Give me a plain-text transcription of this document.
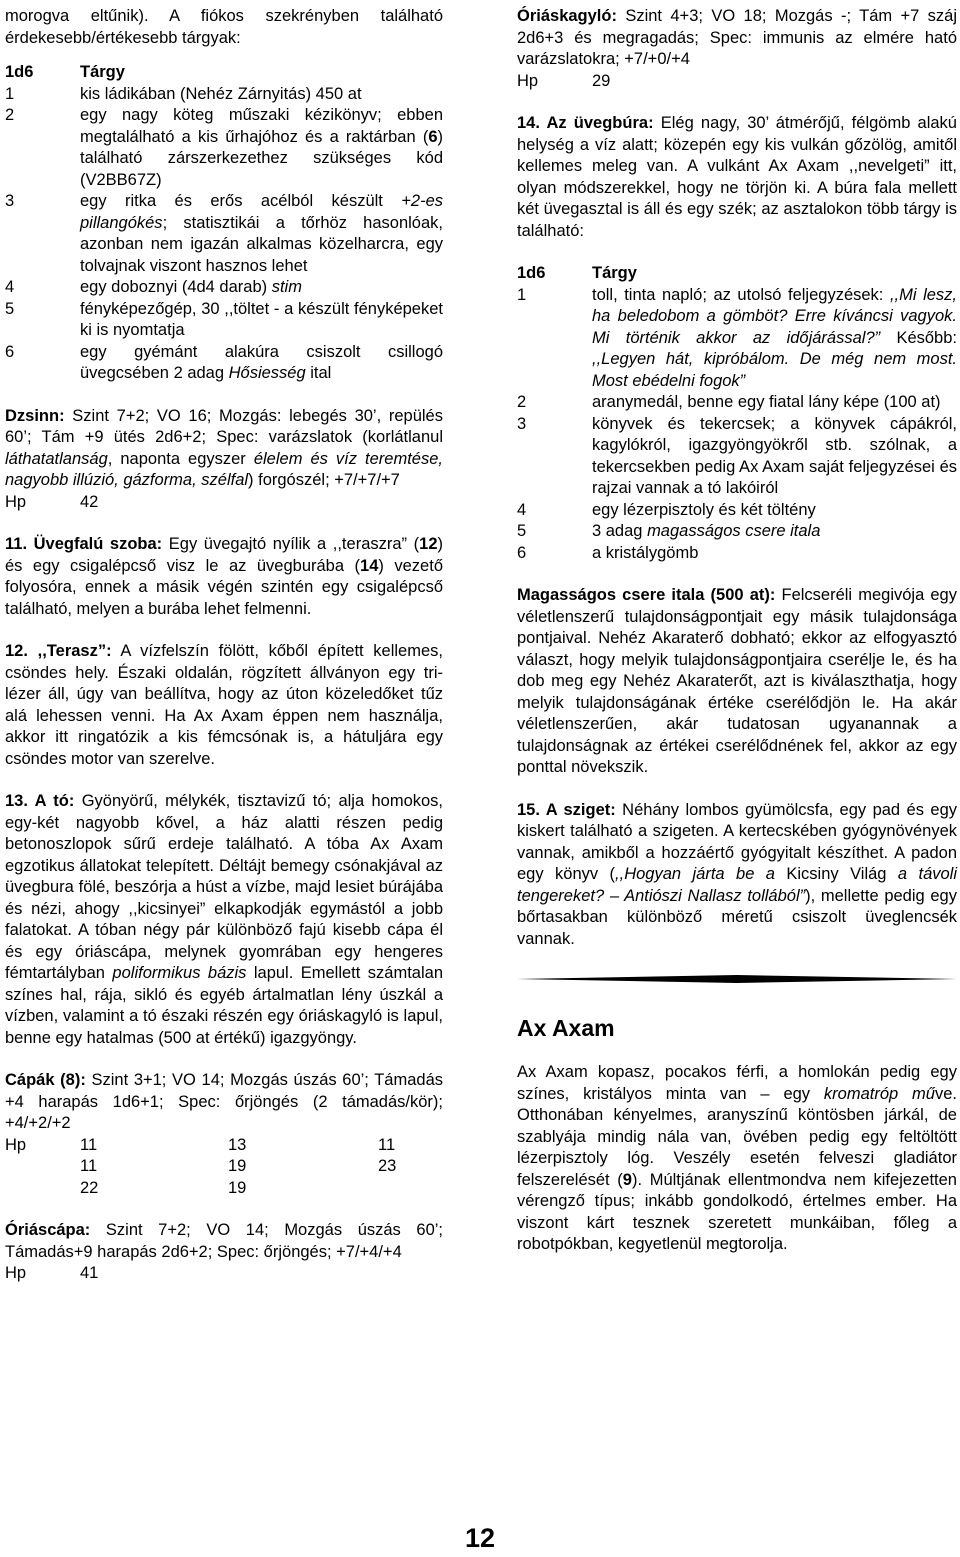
morogva eltűnik). A fiókos szekrényben található érdekesebb/értékesebb tárgyak:

1d6	Tárgy
1	kis ládikában (Nehéz Zárnyitás) 450 at
2	egy nagy köteg műszaki kézikönyv; ebben megtalálható a kis űrhajóhoz és a raktárban (6) található zárszerkezethez szükséges kód (V2BB67Z)
3	egy ritka és erős acélból készült +2-es pillangókés; statisztikái a tőrhöz hasonlóak, azonban nem igazán alkalmas közelharcra, egy tolvajnak viszont hasznos lehet
4	egy doboznyi (4d4 darab) stim
5	fényképezőgép, 30 ,,töltet - a készült fényképeket ki is nyomtatja
6	egy gyémánt alakúra csiszolt csillogó üvegcsében 2 adag Hősiesség ital

Dzsinn: Szint 7+2; VO 16; Mozgás: lebegés 30’, repülés 60’; Tám +9 ütés 2d6+2; Spec: varázslatok (korlátlanul láthatatlanság, naponta egyszer élelem és víz teremtése, nagyobb illúzió, gázforma, szélfal) forgószél; +7/+7/+7

Hp	42

11. Üvegfalú szoba: Egy üvegajtó nyílik a ,,teraszra” (12) és egy csigalépcső visz le az üvegburába (14) vezető folyosóra, ennek a másik végén szintén egy csigalépcső található, melyen a burába lehet felmenni.

12. ,,Terasz”: A vízfelszín fölött, kőből épített kellemes, csöndes hely. Északi oldalán, rögzített állványon egy tri-lézer áll, úgy van beállítva, hogy az úton közeledőket tűz alá lehessen venni. Ha Ax Axam éppen nem használja, akkor itt ringatózik a kis fémcsónak is, a hátuljára egy csöndes motor van szerelve.

13. A tó: Gyönyörű, mélykék, tisztavizű tó; alja homokos, egy-két nagyobb kővel, a ház alatti részen pedig betonoszlopok sűrű erdeje található. A tóba Ax Axam egzotikus állatokat telepített. Déltájt bemegy csónakjával az üvegbura fölé, beszórja a húst a vízbe, majd lesiet búrájába és nézi, ahogy ,,kicsinyei” elkapkodják egymástól a jobb falatokat. A tóban négy pár különböző fajú kisebb cápa él és egy óriáscápa, melynek gyomrában egy hengeres fémtartályban poliformikus bázis lapul. Emellett számtalan színes hal, rája, sikló és egyéb ártalmatlan lény úszkál a vízben, valamint a tó északi részén egy óriáskagyló is lapul, benne egy hatalmas (500 at értékű) igazgyöngy.

Cápák (8): Szint 3+1; VO 14; Mozgás úszás 60’; Támadás +4 harapás 1d6+1; Spec: őrjöngés (2 támadás/kör); +4/+2/+2

Hp	11	13	11
11	19	23
22	19

Óriáscápa: Szint 7+2; VO 14; Mozgás úszás 60’; Támadás+9 harapás 2d6+2; Spec: őrjöngés; +7/+4/+4

Hp	41

Óriáskagyló: Szint 4+3; VO 18; Mozgás -; Tám +7 száj 2d6+3 és megragadás; Spec: immunis az elmére ható varázslatokra; +7/+0/+4

Hp	29

14. Az üvegbúra: Elég nagy, 30’ átmérőjű, félgömb alakú helység a víz alatt; közepén egy kis vulkán gőzölög, amitől kellemes meleg van. A vulkánt Ax Axam ,,nevelgeti” itt, olyan módszerekkel, hogy ne törjön ki. A búra fala mellett két üvegasztal is áll és egy szék; az asztalokon több tárgy is található:

1d6	Tárgy
1	toll, tinta napló; az utolsó feljegyzések: ,,Mi lesz, ha beledobom a gömböt? Erre kíváncsi vagyok. Mi történik akkor az időjárással?” Később: ,,Legyen hát, kipróbálom. De még nem most. Most ebédelni fogok”
2	aranymedál, benne egy fiatal lány képe (100 at)
3	könyvek és tekercsek; a könyvek cápákról, kagylókról, igazgyöngyökről stb. szólnak, a tekercsekben pedig Ax Axam saját feljegyzései és rajzai vannak a tó lakóiról
4	egy lézerpisztoly és két töltény
5	3 adag magasságos csere itala
6	a kristálygömb

Magasságos csere itala (500 at): Felcseréli megivója egy véletlenszerű tulajdonságpontjait egy másik tulajdonsága pontjaival. Nehéz Akaraterő dobható; ekkor az elfogyasztó választ, hogy melyik tulajdonságpontjaira cserélje le, és ha dob meg egy Nehéz Akaraterőt, azt is kiválaszthatja, hogy melyik tulajdonságának értéke cserélődjön le. Ha akár véletlenszerűen, akár tudatosan ugyanannak a tulajdonságnak az értékei cserélődnének fel, akkor az egy ponttal növekszik.

15. A sziget: Néhány lombos gyümölcsfa, egy pad és egy kiskert található a szigeten. A kertecskében gyógynövények vannak, amikből a hozzáértő gyógyitalt készíthet. A padon egy könyv (,,Hogyan járta be a Kicsiny Világ a távoli tengereket? – Antiószi Nallasz tollából”), mellette pedig egy bőrtasakban különböző méretű csiszolt üveglencsék vannak.

Ax Axam

Ax Axam kopasz, pocakos férfi, a homlokán pedig egy színes, kristályos minta van – egy kromatróp műve. Otthonában kényelmes, aranyszínű köntösben járkál, de szablyája mindig nála van, övében pedig egy feltöltött lézerpisztoly lóg. Veszély esetén felveszi gladiátor felszerelését (9). Múltjának ellentmondva nem kifejezetten vérengző típus; inkább gondolkodó, értelmes ember. Ha viszont kárt tesznek szeretett munkáiban, főleg a robotpókban, kegyetlenül megtorolja.

12
